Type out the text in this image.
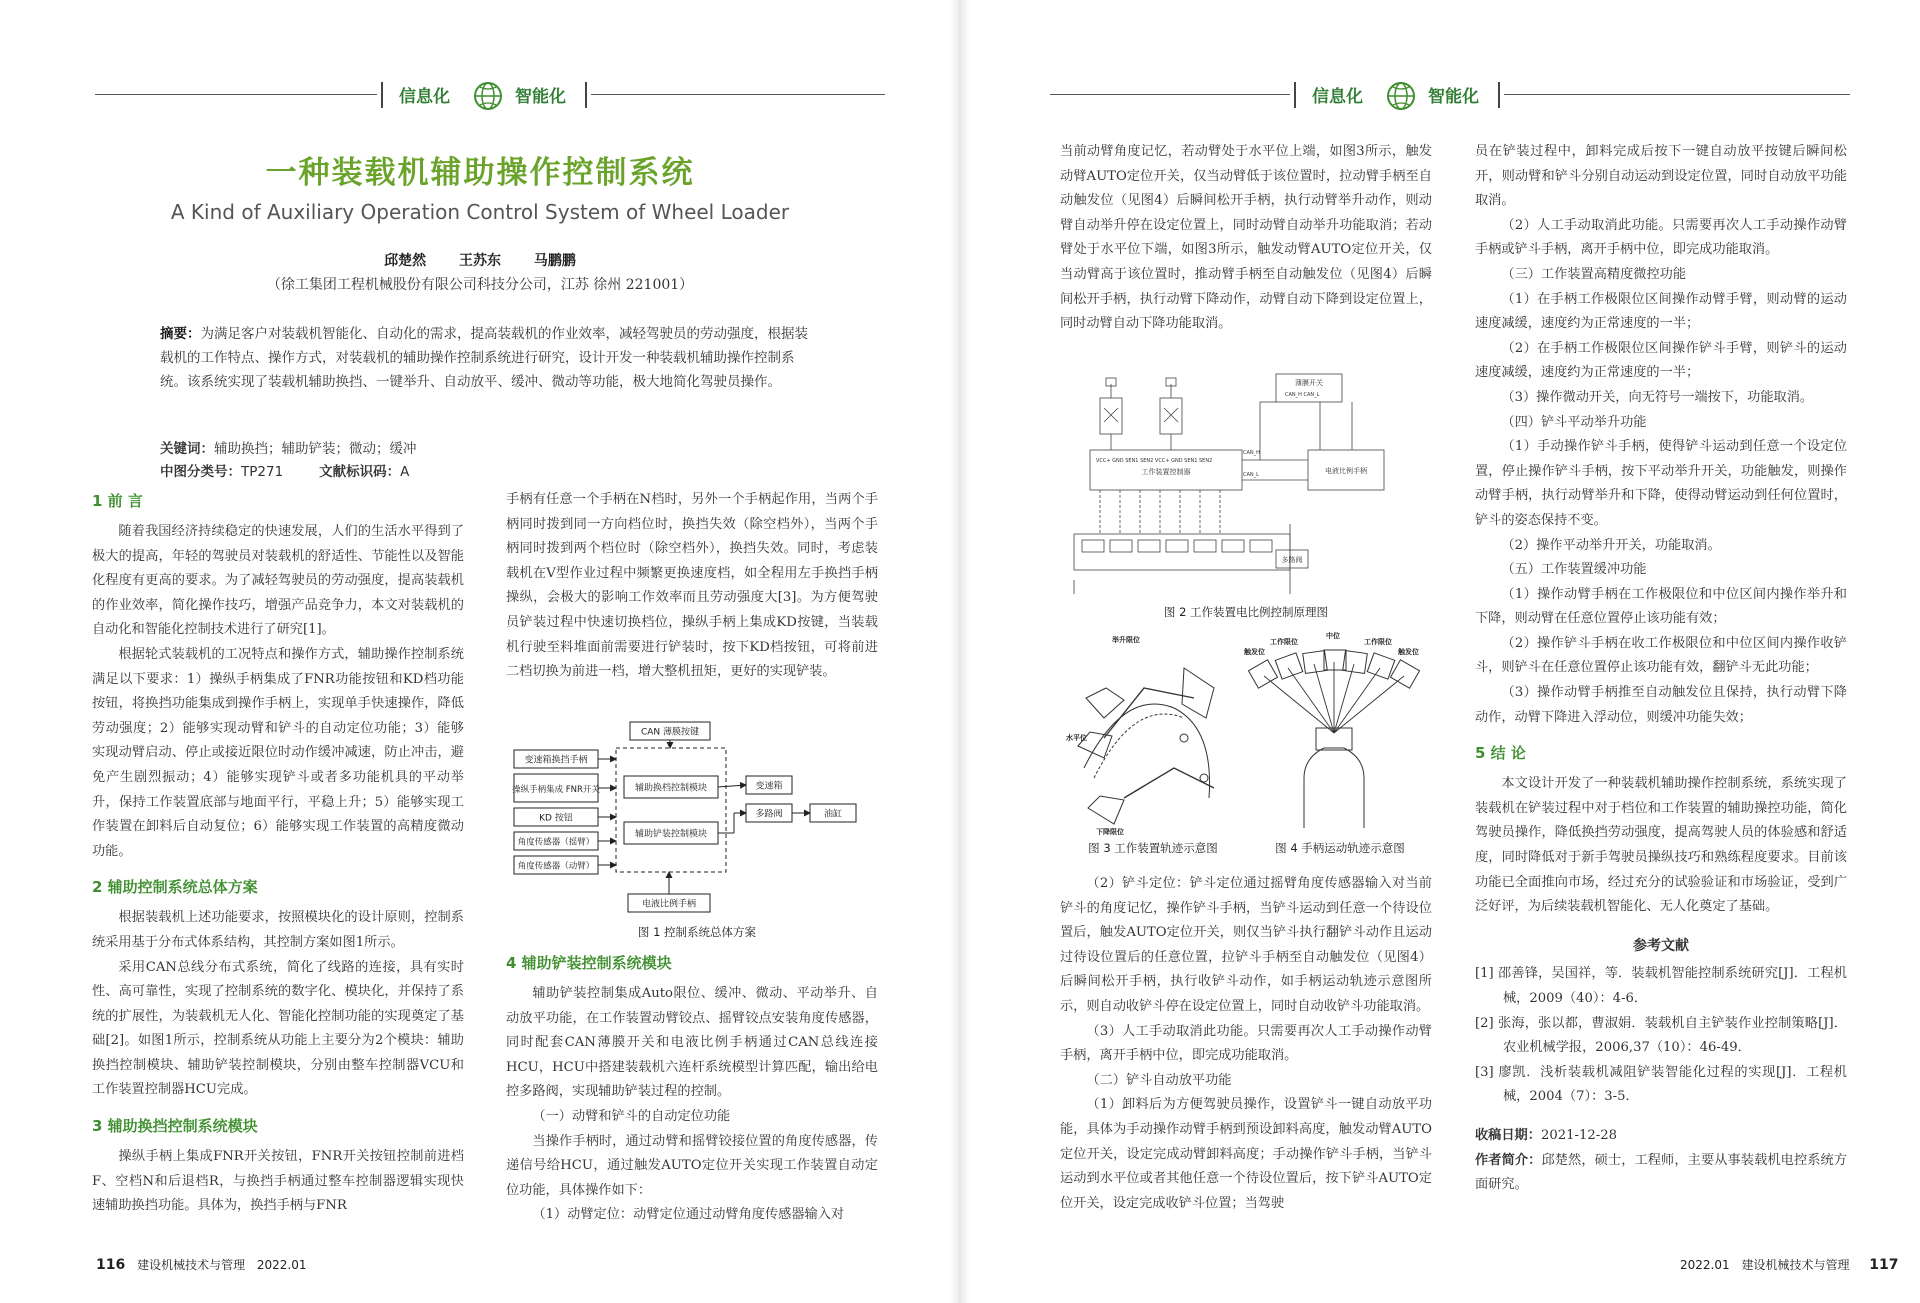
信息化	智能化
一种装载机辅助操作控制系统
A Kind of Auxiliary Operation Control System of Wheel Loader
邱楚然 王苏东 马鹏鹏
（徐工集团工程机械股份有限公司科技分公司，江苏 徐州 221001）
摘要：为满足客户对装载机智能化、自动化的需求，提高装载机的作业效率，减轻驾驶员的劳动强度，根据装载机的工作特点、操作方式，对装载机的辅助操作控制系统进行研究，设计开发一种装载机辅助操作控制系统。该系统实现了装载机辅助换挡、一键举升、自动放平、缓冲、微动等功能，极大地简化驾驶员操作。
关键词：辅助换挡；辅助铲装；微动；缓冲
中图分类号：TP271	文献标识码：A
1 前 言

随着我国经济持续稳定的快速发展，人们的生活水平得到了极大的提高，年轻的驾驶员对装载机的舒适性、节能性以及智能化程度有更高的要求。为了减轻驾驶员的劳动强度，提高装载机的作业效率，简化操作技巧，增强产品竞争力，本文对装载机的自动化和智能化控制技术进行了研究[1]。

根据轮式装载机的工况特点和操作方式，辅助操作控制系统满足以下要求：1）操纵手柄集成了FNR功能按钮和KD档功能按钮，将换挡功能集成到操作手柄上，实现单手快速操作，降低劳动强度；2）能够实现动臂和铲斗的自动定位功能；3）能够实现动臂启动、停止或接近限位时动作缓冲减速，防止冲击，避免产生剧烈振动；4）能够实现铲斗或者多功能机具的平动举升，保持工作装置底部与地面平行，平稳上升；5）能够实现工作装置在卸料后自动复位；6）能够实现工作装置的高精度微动功能。

2 辅助控制系统总体方案

根据装载机上述功能要求，按照模块化的设计原则，控制系统采用基于分布式体系结构，其控制方案如图1所示。

采用CAN总线分布式系统，简化了线路的连接，具有实时性、高可靠性，实现了控制系统的数字化、模块化，并保持了系统的扩展性，为装载机无人化、智能化控制功能的实现奠定了基础[2]。如图1所示，控制系统从功能上主要分为2个模块：辅助换挡控制模块、辅助铲装控制模块，分别由整车控制器VCU和工作装置控制器HCU完成。

3 辅助换挡控制系统模块

操纵手柄上集成FNR开关按钮，FNR开关按钮控制前进档F、空档N和后退档R，与换挡手柄通过整车控制器逻辑实现快速辅助换挡功能。具体为，换挡手柄与FNR

手柄有任意一个手柄在N档时，另外一个手柄起作用，当两个手柄同时拨到同一方向档位时，换挡失效（除空档外），当两个手柄同时拨到两个档位时（除空档外），换挡失效。同时，考虑装载机在V型作业过程中频繁更换速度档，如全程用左手换挡手柄操纵，会极大的影响工作效率而且劳动强度大[3]。为方便驾驶员铲装过程中快速切换档位，操纵手柄上集成KD按键，当装载机行驶至料堆面前需要进行铲装时，按下KD档按钮，可将前进二档切换为前进一档，增大整机扭矩，更好的实现铲装。

CAN 薄膜按键
变速箱换挡手柄
操纵手柄集成 FNR开关
KD 按钮
角度传感器（摇臂）
角度传感器（动臂）
辅助换档控制模块
辅助铲装控制模块
变速箱
多路阀	油缸
电液比例手柄
图 1 控制系统总体方案
4 辅助铲装控制系统模块

辅助铲装控制集成Auto限位、缓冲、微动、平动举升、自动放平功能，在工作装置动臂铰点、摇臂铰点安装角度传感器，同时配套CAN薄膜开关和电液比例手柄通过CAN总线连接HCU，HCU中搭建装载机六连杆系统模型计算匹配，输出给电控多路阀，实现辅助铲装过程的控制。

（一）动臂和铲斗的自动定位功能

当操作手柄时，通过动臂和摇臂铰接位置的角度传感器，传递信号给HCU，通过触发AUTO定位开关实现工作装置自动定位功能，具体操作如下：

（1）动臂定位：动臂定位通过动臂角度传感器输入对

116 建设机械技术与管理 2022.01
信息化	智能化

当前动臂角度记忆，若动臂处于水平位上端，如图3所示，触发动臂AUTO定位开关，仅当动臂低于该位置时，拉动臂手柄至自动触发位（见图4）后瞬间松开手柄，执行动臂举升动作，则动臂自动举升停在设定位置上，同时动臂自动举升功能取消；若动臂处于水平位下端，如图3所示，触发动臂AUTO定位开关，仅当动臂高于该位置时，推动臂手柄至自动触发位（见图4）后瞬间松开手柄，执行动臂下降动作，动臂自动下降到设定位置上，同时动臂自动下降功能取消。

工作装置控制器	电液比例手柄
薄膜开关
多路阀
VCC+ GND SEN1 SEN2 VCC+ GND SEN1 SEN2
CAN_H CAN_L
CAN_H
CAN_L
图 2 工作装置电比例控制原理图
举升限位
水平位
下降限位
工作限位
中位
工作限位
触发位	触发位
图 3 工作装置轨迹示意图	图 4 手柄运动轨迹示意图

（2）铲斗定位：铲斗定位通过摇臂角度传感器输入对当前铲斗的角度记忆，操作铲斗手柄，当铲斗运动到任意一个待设位置后，触发AUTO定位开关，则仅当铲斗执行翻铲斗动作且运动过待设位置后的任意位置，拉铲斗手柄至自动触发位（见图4）后瞬间松开手柄，执行收铲斗动作，如手柄运动轨迹示意图所示，则自动收铲斗停在设定位置上，同时自动收铲斗功能取消。

（3）人工手动取消此功能。只需要再次人工手动操作动臂手柄，离开手柄中位，即完成功能取消。

（二）铲斗自动放平功能

（1）卸料后为方便驾驶员操作，设置铲斗一键自动放平功能，具体为手动操作动臂手柄到预设卸料高度，触发动臂AUTO定位开关，设定完成动臂卸料高度；手动操作铲斗手柄，当铲斗运动到水平位或者其他任意一个待设位置后，按下铲斗AUTO定位开关，设定完成收铲斗位置；当驾驶

员在铲装过程中，卸料完成后按下一键自动放平按键后瞬间松开，则动臂和铲斗分别自动运动到设定位置，同时自动放平功能取消。

（2）人工手动取消此功能。只需要再次人工手动操作动臂手柄或铲斗手柄，离开手柄中位，即完成功能取消。

（三）工作装置高精度微控功能

（1）在手柄工作极限位区间操作动臂手臂，则动臂的运动速度减缓，速度约为正常速度的一半；

（2）在手柄工作极限位区间操作铲斗手臂，则铲斗的运动速度减缓，速度约为正常速度的一半；

（3）操作微动开关，向无符号一端按下，功能取消。

（四）铲斗平动举升功能

（1）手动操作铲斗手柄，使得铲斗运动到任意一个设定位置，停止操作铲斗手柄，按下平动举升开关，功能触发，则操作动臂手柄，执行动臂举升和下降，使得动臂运动到任何位置时，铲斗的姿态保持不变。

（2）操作平动举升开关，功能取消。

（五）工作装置缓冲功能

（1）操作动臂手柄在工作极限位和中位区间内操作举升和下降，则动臂在任意位置停止该功能有效；

（2）操作铲斗手柄在收工作极限位和中位区间内操作收铲斗，则铲斗在任意位置停止该功能有效，翻铲斗无此功能；

（3）操作动臂手柄推至自动触发位且保持，执行动臂下降动作，动臂下降进入浮动位，则缓冲功能失效；

5 结 论

本文设计开发了一种装载机辅助操作控制系统，系统实现了装载机在铲装过程中对于档位和工作装置的辅助操控功能，简化驾驶员操作，降低换挡劳动强度，提高驾驶人员的体验感和舒适度，同时降低对于新手驾驶员操纵技巧和熟练程度要求。目前该功能已全面推向市场，经过充分的试验验证和市场验证，受到广泛好评，为后续装载机智能化、无人化奠定了基础。

参考文献

[1] 邵善锋，吴国祥，等．装载机智能控制系统研究[J]．工程机械，2009（40）：4-6．

[2] 张海，张以都，曹淑娟．装载机自主铲装作业控制策略[J]．农业机械学报，2006,37（10）：46-49．

[3] 廖凯．浅析装载机减阻铲装智能化过程的实现[J]．工程机械，2004（7）：3-5．

收稿日期：2021-12-28

作者简介：邱楚然，硕士，工程师，主要从事装载机电控系统方面研究。

2022.01 建设机械技术与管理 117
